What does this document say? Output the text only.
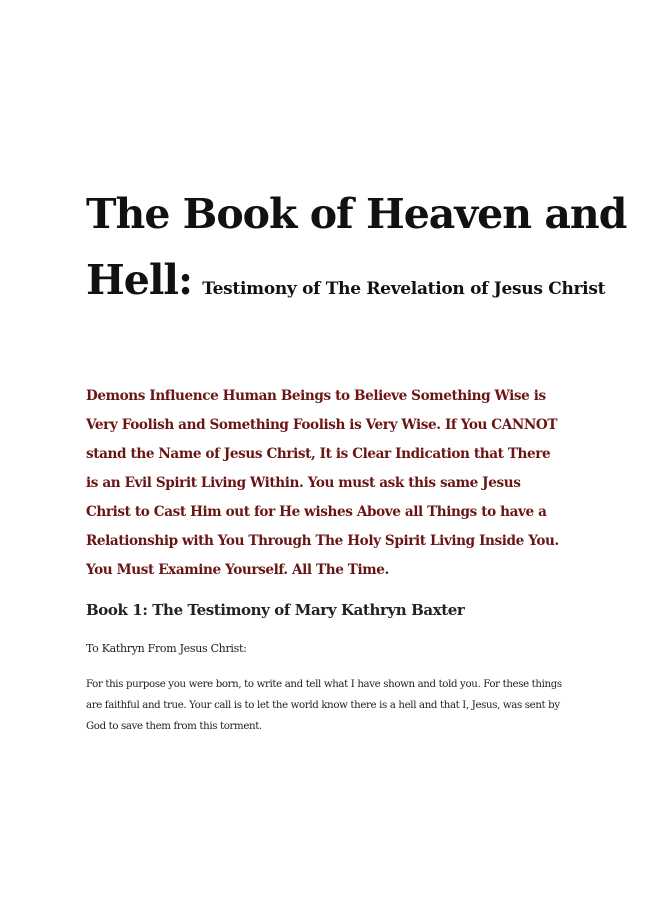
The Book of Heaven and
Hell: Testimony of The Revelation of Jesus Christ

Demons Influence Human Beings to Believe Something Wise is Very Foolish and Something Foolish is Very Wise. If You CANNOT stand the Name of Jesus Christ, It is Clear Indication that There is an Evil Spirit Living Within. You must ask this same Jesus Christ to Cast Him out for He wishes Above all Things to have a Relationship with You Through The Holy Spirit Living Inside You. You Must Examine Yourself. All The Time.

Book 1: The Testimony of Mary Kathryn Baxter

To Kathryn From Jesus Christ:

For this purpose you were born, to write and tell what I have shown and told you. For these things are faithful and true. Your call is to let the world know there is a hell and that I, Jesus, was sent by God to save them from this torment.
